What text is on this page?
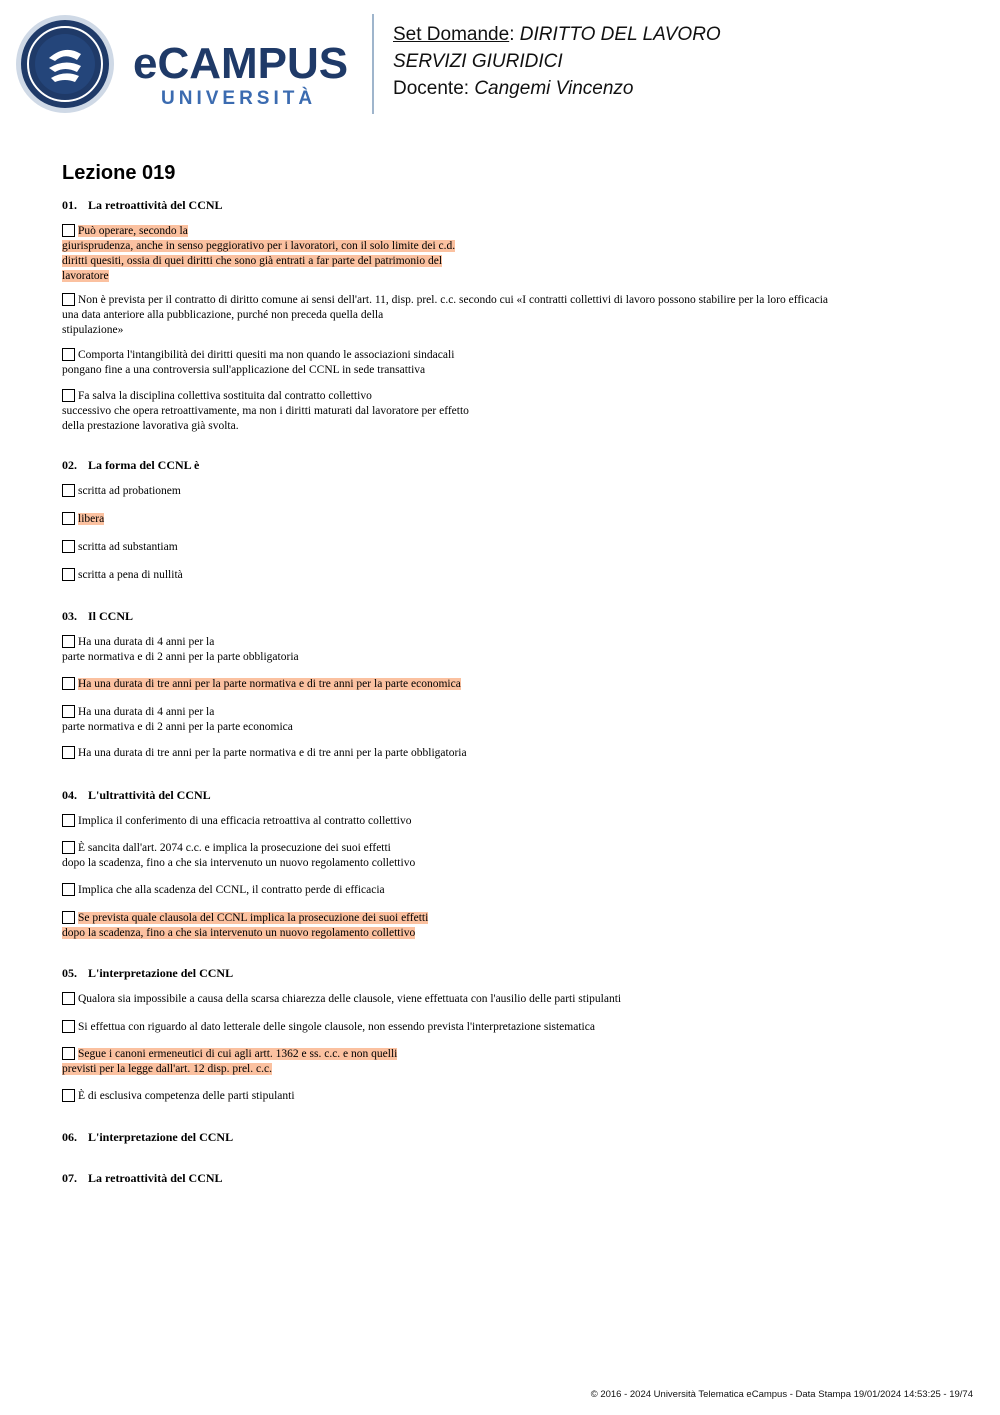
eCAMPUS
UNIVERSITÀ
Set Domande: DIRITTO DEL LAVORO
SERVIZI GIURIDICI
Docente: Cangemi Vincenzo
Lezione 019
01. La retroattività del CCNL
Può operare, secondo la
giurisprudenza, anche in senso peggiorativo per i lavoratori, con il solo limite dei c.d.
diritti quesiti, ossia di quei diritti che sono già entrati a far parte del patrimonio del
lavoratore
Non è prevista per il contratto di diritto comune ai sensi dell'art. 11, disp. prel. c.c. secondo cui «I contratti collettivi di lavoro possono stabilire per la loro efficacia
una data anteriore alla pubblicazione, purché non preceda quella della
stipulazione»
Comporta l'intangibilità dei diritti quesiti ma non quando le associazioni sindacali
pongano fine a una controversia sull'applicazione del CCNL in sede transattiva
Fa salva la disciplina collettiva sostituita dal contratto collettivo
successivo che opera retroattivamente, ma non i diritti maturati dal lavoratore per effetto
della prestazione lavorativa già svolta.
02. La forma del CCNL è
scritta ad probationem
libera
scritta ad substantiam
scritta a pena di nullità
03. Il CCNL
Ha una durata di 4 anni per la
parte normativa e di 2 anni per la parte obbligatoria
Ha una durata di tre anni per la parte normativa e di tre anni per la parte economica
Ha una durata di 4 anni per la
parte normativa e di 2 anni per la parte economica
Ha una durata di tre anni per la parte normativa e di tre anni per la parte obbligatoria
04. L'ultrattività del CCNL
Implica il conferimento di una efficacia retroattiva al contratto collettivo
È sancita dall'art. 2074 c.c. e implica la prosecuzione dei suoi effetti
dopo la scadenza, fino a che sia intervenuto un nuovo regolamento collettivo
Implica che alla scadenza del CCNL, il contratto perde di efficacia
Se prevista quale clausola del CCNL implica la prosecuzione dei suoi effetti
dopo la scadenza, fino a che sia intervenuto un nuovo regolamento collettivo
05. L'interpretazione del CCNL
Qualora sia impossibile a causa della scarsa chiarezza delle clausole, viene effettuata con l'ausilio delle parti stipulanti
Si effettua con riguardo al dato letterale delle singole clausole, non essendo prevista l'interpretazione sistematica
Segue i canoni ermeneutici di cui agli artt. 1362 e ss. c.c. e non quelli
previsti per la legge dall'art. 12 disp. prel. c.c.
È di esclusiva competenza delle parti stipulanti
06. L'interpretazione del CCNL
07. La retroattività del CCNL
© 2016 - 2024 Università Telematica eCampus - Data Stampa 19/01/2024 14:53:25 - 19/74
